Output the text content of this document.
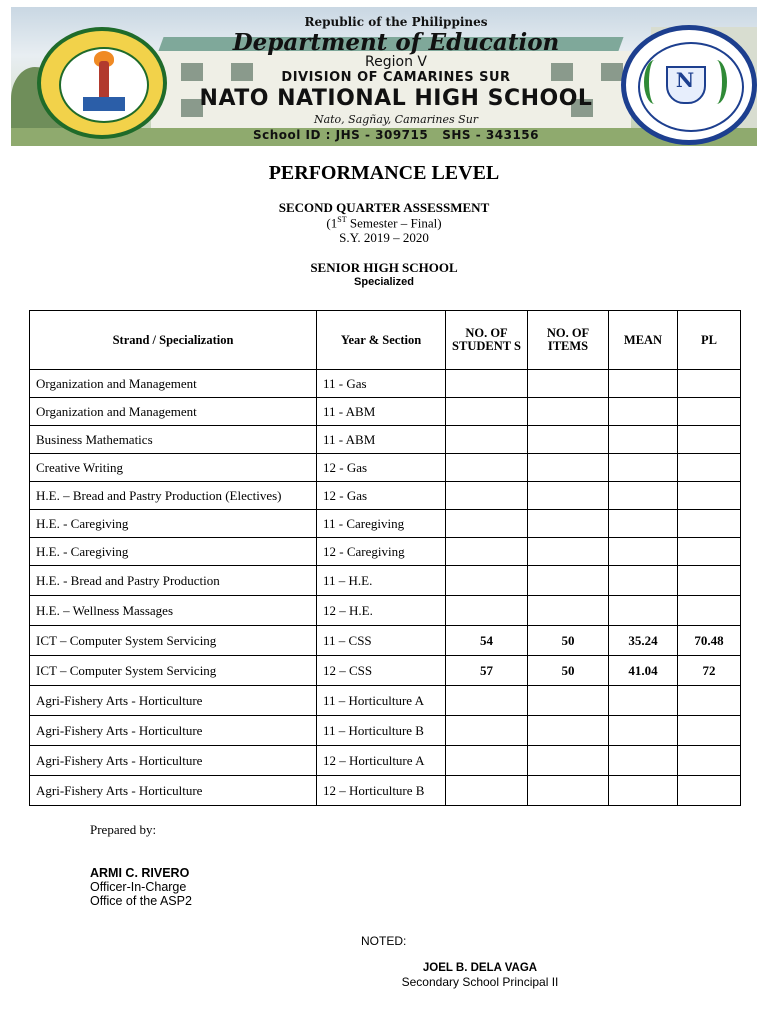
Republic of the Philippines
Department of Education
Region V
DIVISION OF CAMARINES SUR
NATO NATIONAL HIGH SCHOOL
Nato, Sagñay, Camarines Sur
School ID : JHS - 309715   SHS - 343156
N
PERFORMANCE LEVEL
SECOND QUARTER ASSESSMENT
(1ST Semester – Final)
S.Y. 2019 – 2020
SENIOR HIGH SCHOOL
Specialized
Strand / Specialization	Year & Section	NO. OF STUDENT S	NO. OF ITEMS	MEAN	PL
Organization and Management	11 - Gas				
Organization and Management	11 - ABM				
Business Mathematics	11 - ABM				
Creative Writing	12 - Gas				
H.E. – Bread and Pastry Production (Electives)	12 - Gas				
H.E. - Caregiving	11 - Caregiving				
H.E. - Caregiving	12 - Caregiving				
H.E. - Bread and Pastry Production	11 – H.E.				
H.E. – Wellness Massages	12 – H.E.				
ICT – Computer System Servicing	11 – CSS	54	50	35.24	70.48
ICT – Computer System Servicing	12 – CSS	57	50	41.04	72
Agri-Fishery Arts - Horticulture	11 – Horticulture A				
Agri-Fishery Arts - Horticulture	11 – Horticulture B				
Agri-Fishery Arts - Horticulture	12 – Horticulture A				
Agri-Fishery Arts - Horticulture	12 – Horticulture B				
Prepared by:
ARMI C. RIVERO
Officer-In-Charge
Office of the ASP2
NOTED:
JOEL B. DELA VAGA
Secondary School Principal II
